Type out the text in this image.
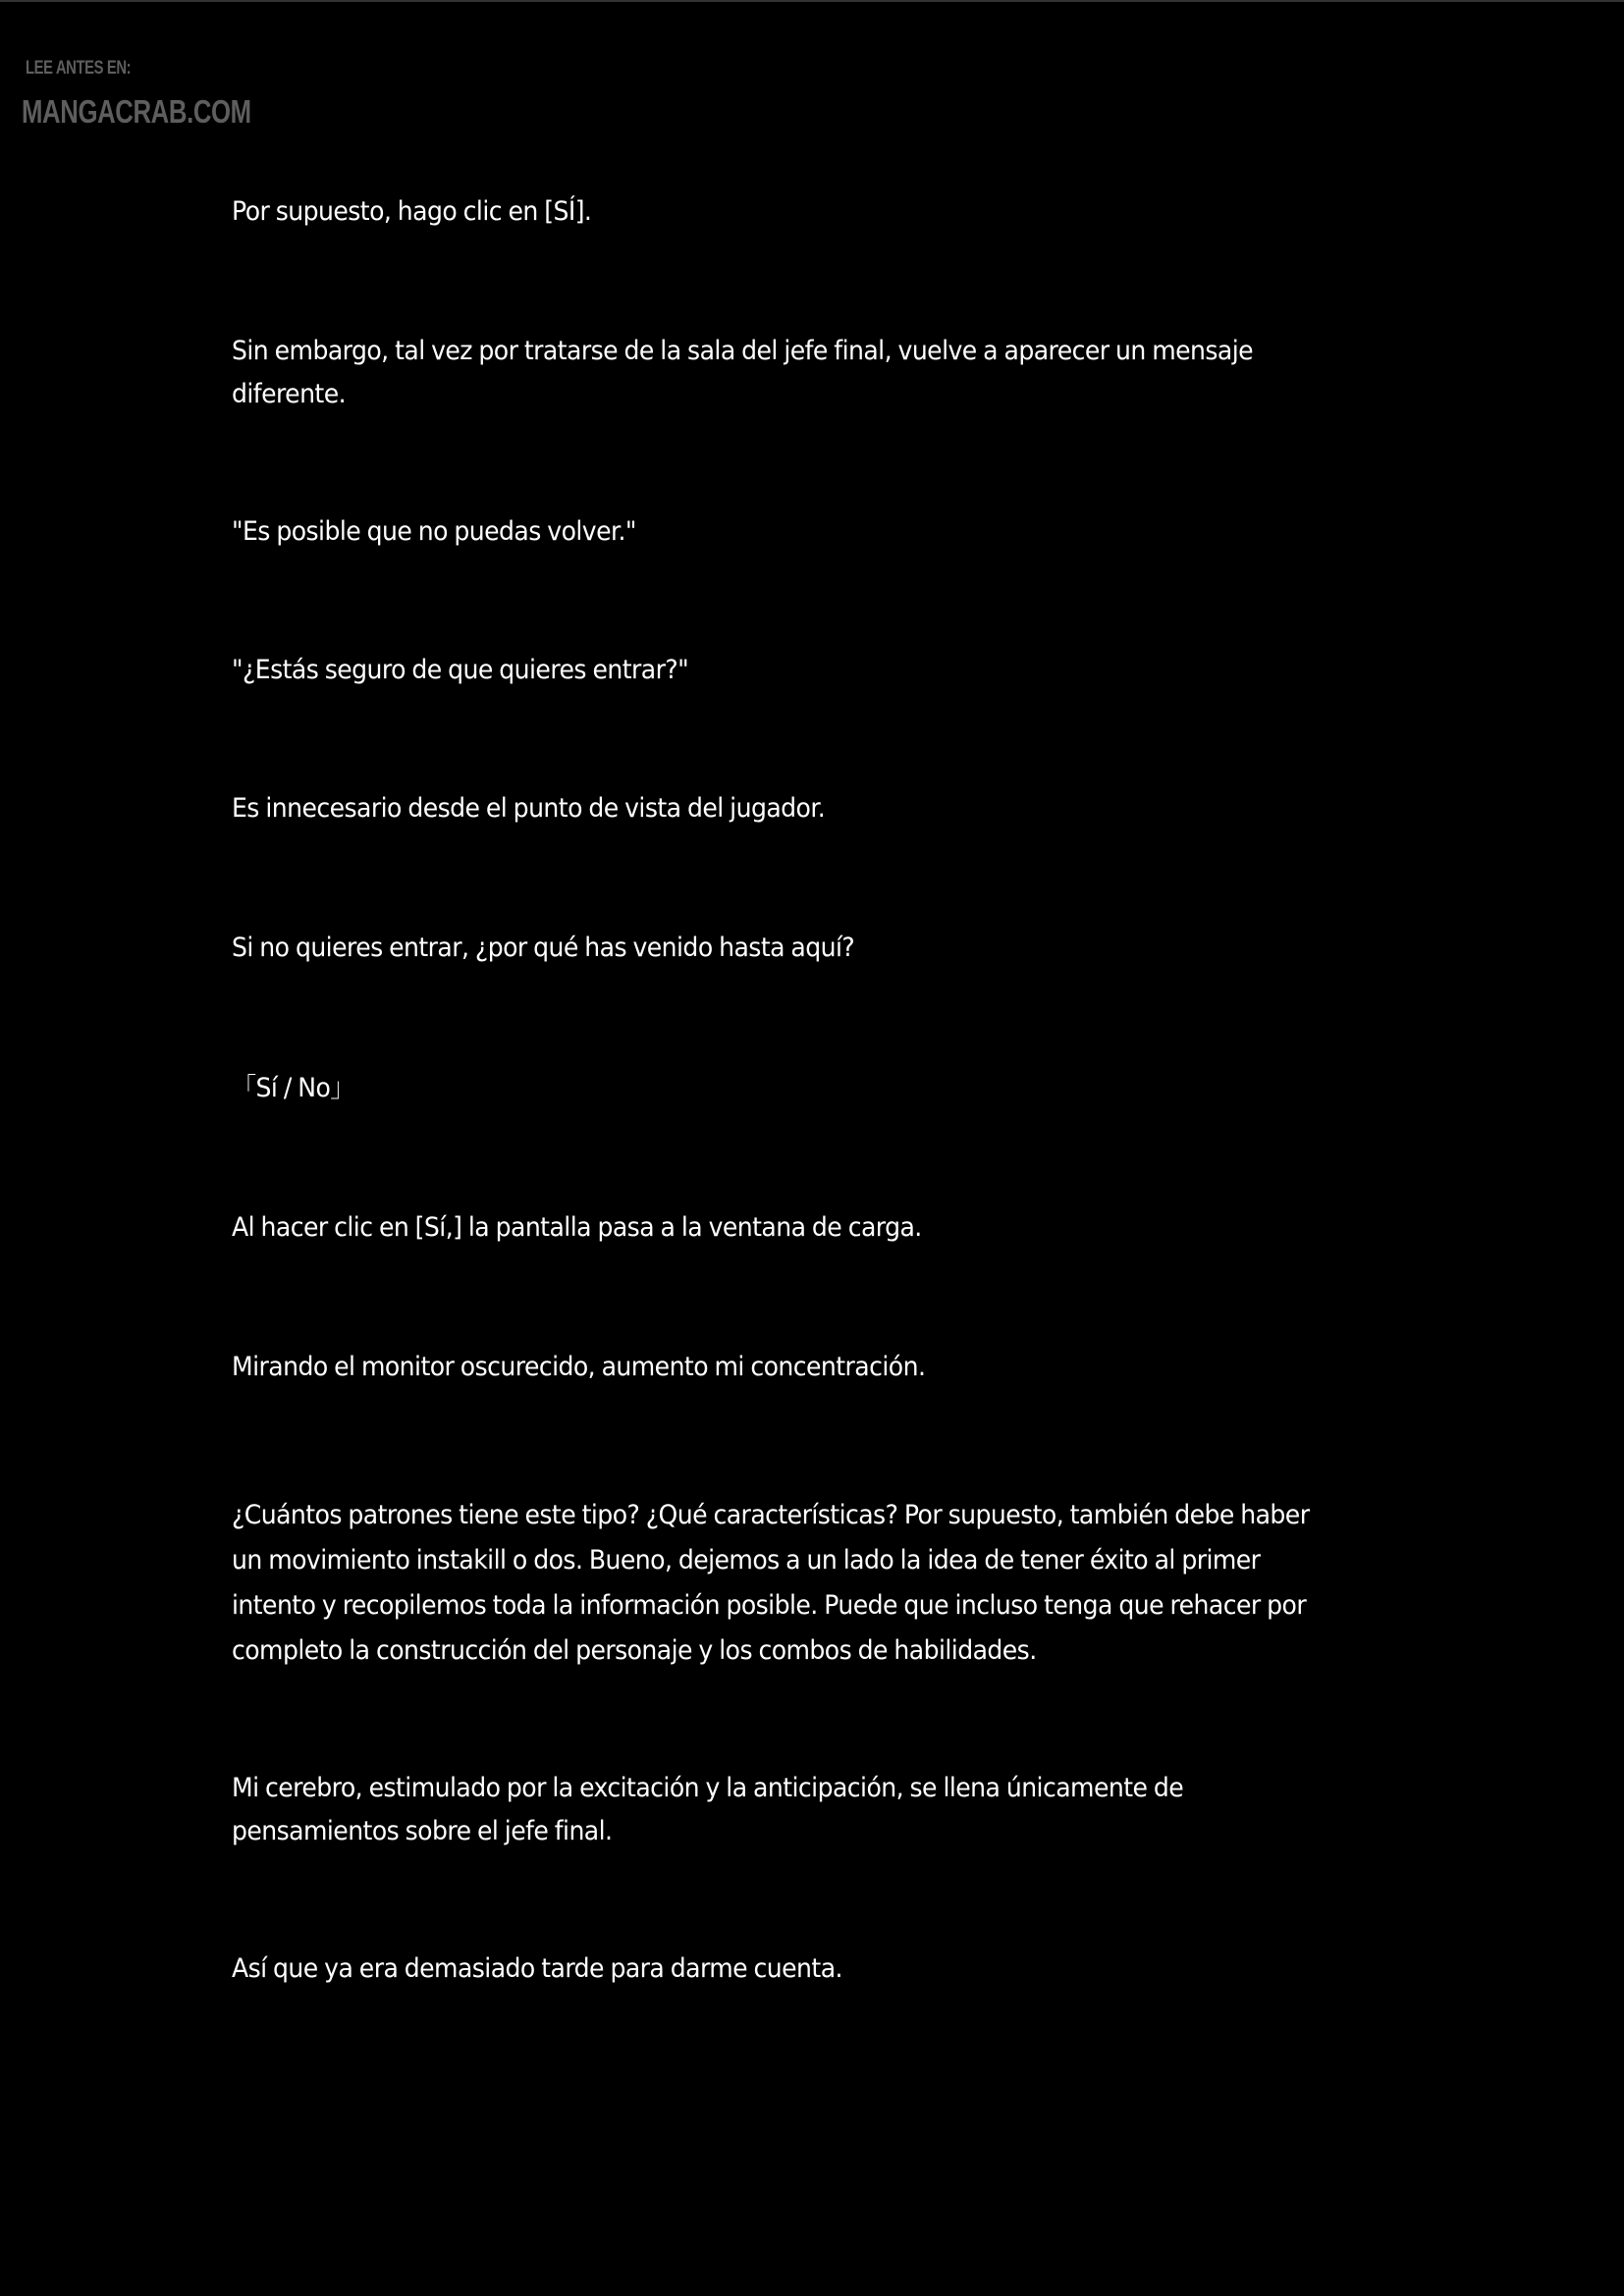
LEE ANTES EN:
MANGACRAB.COM

Por supuesto, hago clic en [SÍ].

Sin embargo, tal vez por tratarse de la sala del jefe final, vuelve a aparecer un mensaje diferente.

"Es posible que no puedas volver."

"¿Estás seguro de que quieres entrar?"

Es innecesario desde el punto de vista del jugador.

Si no quieres entrar, ¿por qué has venido hasta aquí?

「Sí / No」

Al hacer clic en [Sí,] la pantalla pasa a la ventana de carga.

Mirando el monitor oscurecido, aumento mi concentración.

¿Cuántos patrones tiene este tipo? ¿Qué características? Por supuesto, también debe haber un movimiento instakill o dos. Bueno, dejemos a un lado la idea de tener éxito al primer intento y recopilemos toda la información posible. Puede que incluso tenga que rehacer por completo la construcción del personaje y los combos de habilidades.

Mi cerebro, estimulado por la excitación y la anticipación, se llena únicamente de pensamientos sobre el jefe final.

Así que ya era demasiado tarde para darme cuenta.
